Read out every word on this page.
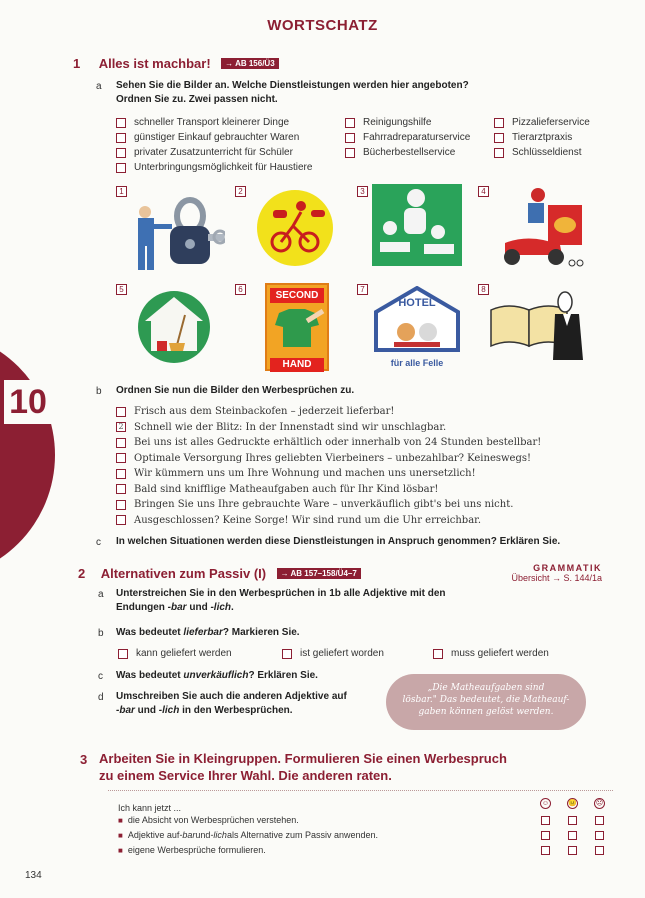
WORTSCHATZ
10
1 Alles ist machbar! → AB 156/Ü3
a Sehen Sie die Bilder an. Welche Dienstleistungen werden hier angeboten?
Ordnen Sie zu. Zwei passen nicht.
schneller Transport kleinerer Dinge
günstiger Einkauf gebrauchter Waren
privater Zusatzunterricht für Schüler
Unterbringungsmöglichkeit für Haustiere
Reinigungshilfe
Fahrradreparaturservice
Bücherbestellservice
Pizzalieferservice
Tierarztpraxis
Schlüsseldienst
1	2	3	4
5	6	7	8
SECOND
HAND
HOTEL
für alle Felle
b Ordnen Sie nun die Bilder den Werbesprüchen zu.
Frisch aus dem Steinbackofen – jederzeit lieferbar!
2 Schnell wie der Blitz: In der Innenstadt sind wir unschlagbar.
Bei uns ist alles Gedruckte erhältlich oder innerhalb von 24 Stunden bestellbar!
Optimale Versorgung Ihres geliebten Vierbeiners – unbezahlbar? Keineswegs!
Wir kümmern uns um Ihre Wohnung und machen uns unersetzlich!
Bald sind knifflige Matheaufgaben auch für Ihr Kind lösbar!
Bringen Sie uns Ihre gebrauchte Ware – unverkäuflich gibt's bei uns nicht.
Ausgeschlossen? Keine Sorge! Wir sind rund um die Uhr erreichbar.
c In welchen Situationen werden diese Dienstleistungen in Anspruch genommen? Erklären Sie.
2 Alternativen zum Passiv (I) → AB 157–158/Ü4–7
GRAMMATIK
Übersicht → S. 144/1a
a Unterstreichen Sie in den Werbesprüchen in 1b alle Adjektive mit den
Endungen -bar und -lich.
b Was bedeutet lieferbar? Markieren Sie.
kann geliefert werden	ist geliefert worden	muss geliefert werden
c Was bedeutet unverkäuflich? Erklären Sie.
d Umschreiben Sie auch die anderen Adjektive auf
-bar und -lich in den Werbesprüchen.
„Die Matheaufgaben sind
lösbar." Das bedeutet, die Matheauf-
gaben können gelöst werden.
3 Arbeiten Sie in Kleingruppen. Formulieren Sie einen Werbespruch
zu einem Service Ihrer Wahl. Die anderen raten.
Ich kann jetzt ...	☺	😐	☹
■ die Absicht von Werbesprüchen verstehen.
■ Adjektive auf -bar und -lich als Alternative zum Passiv anwenden.
■ eigene Werbesprüche formulieren.
134
